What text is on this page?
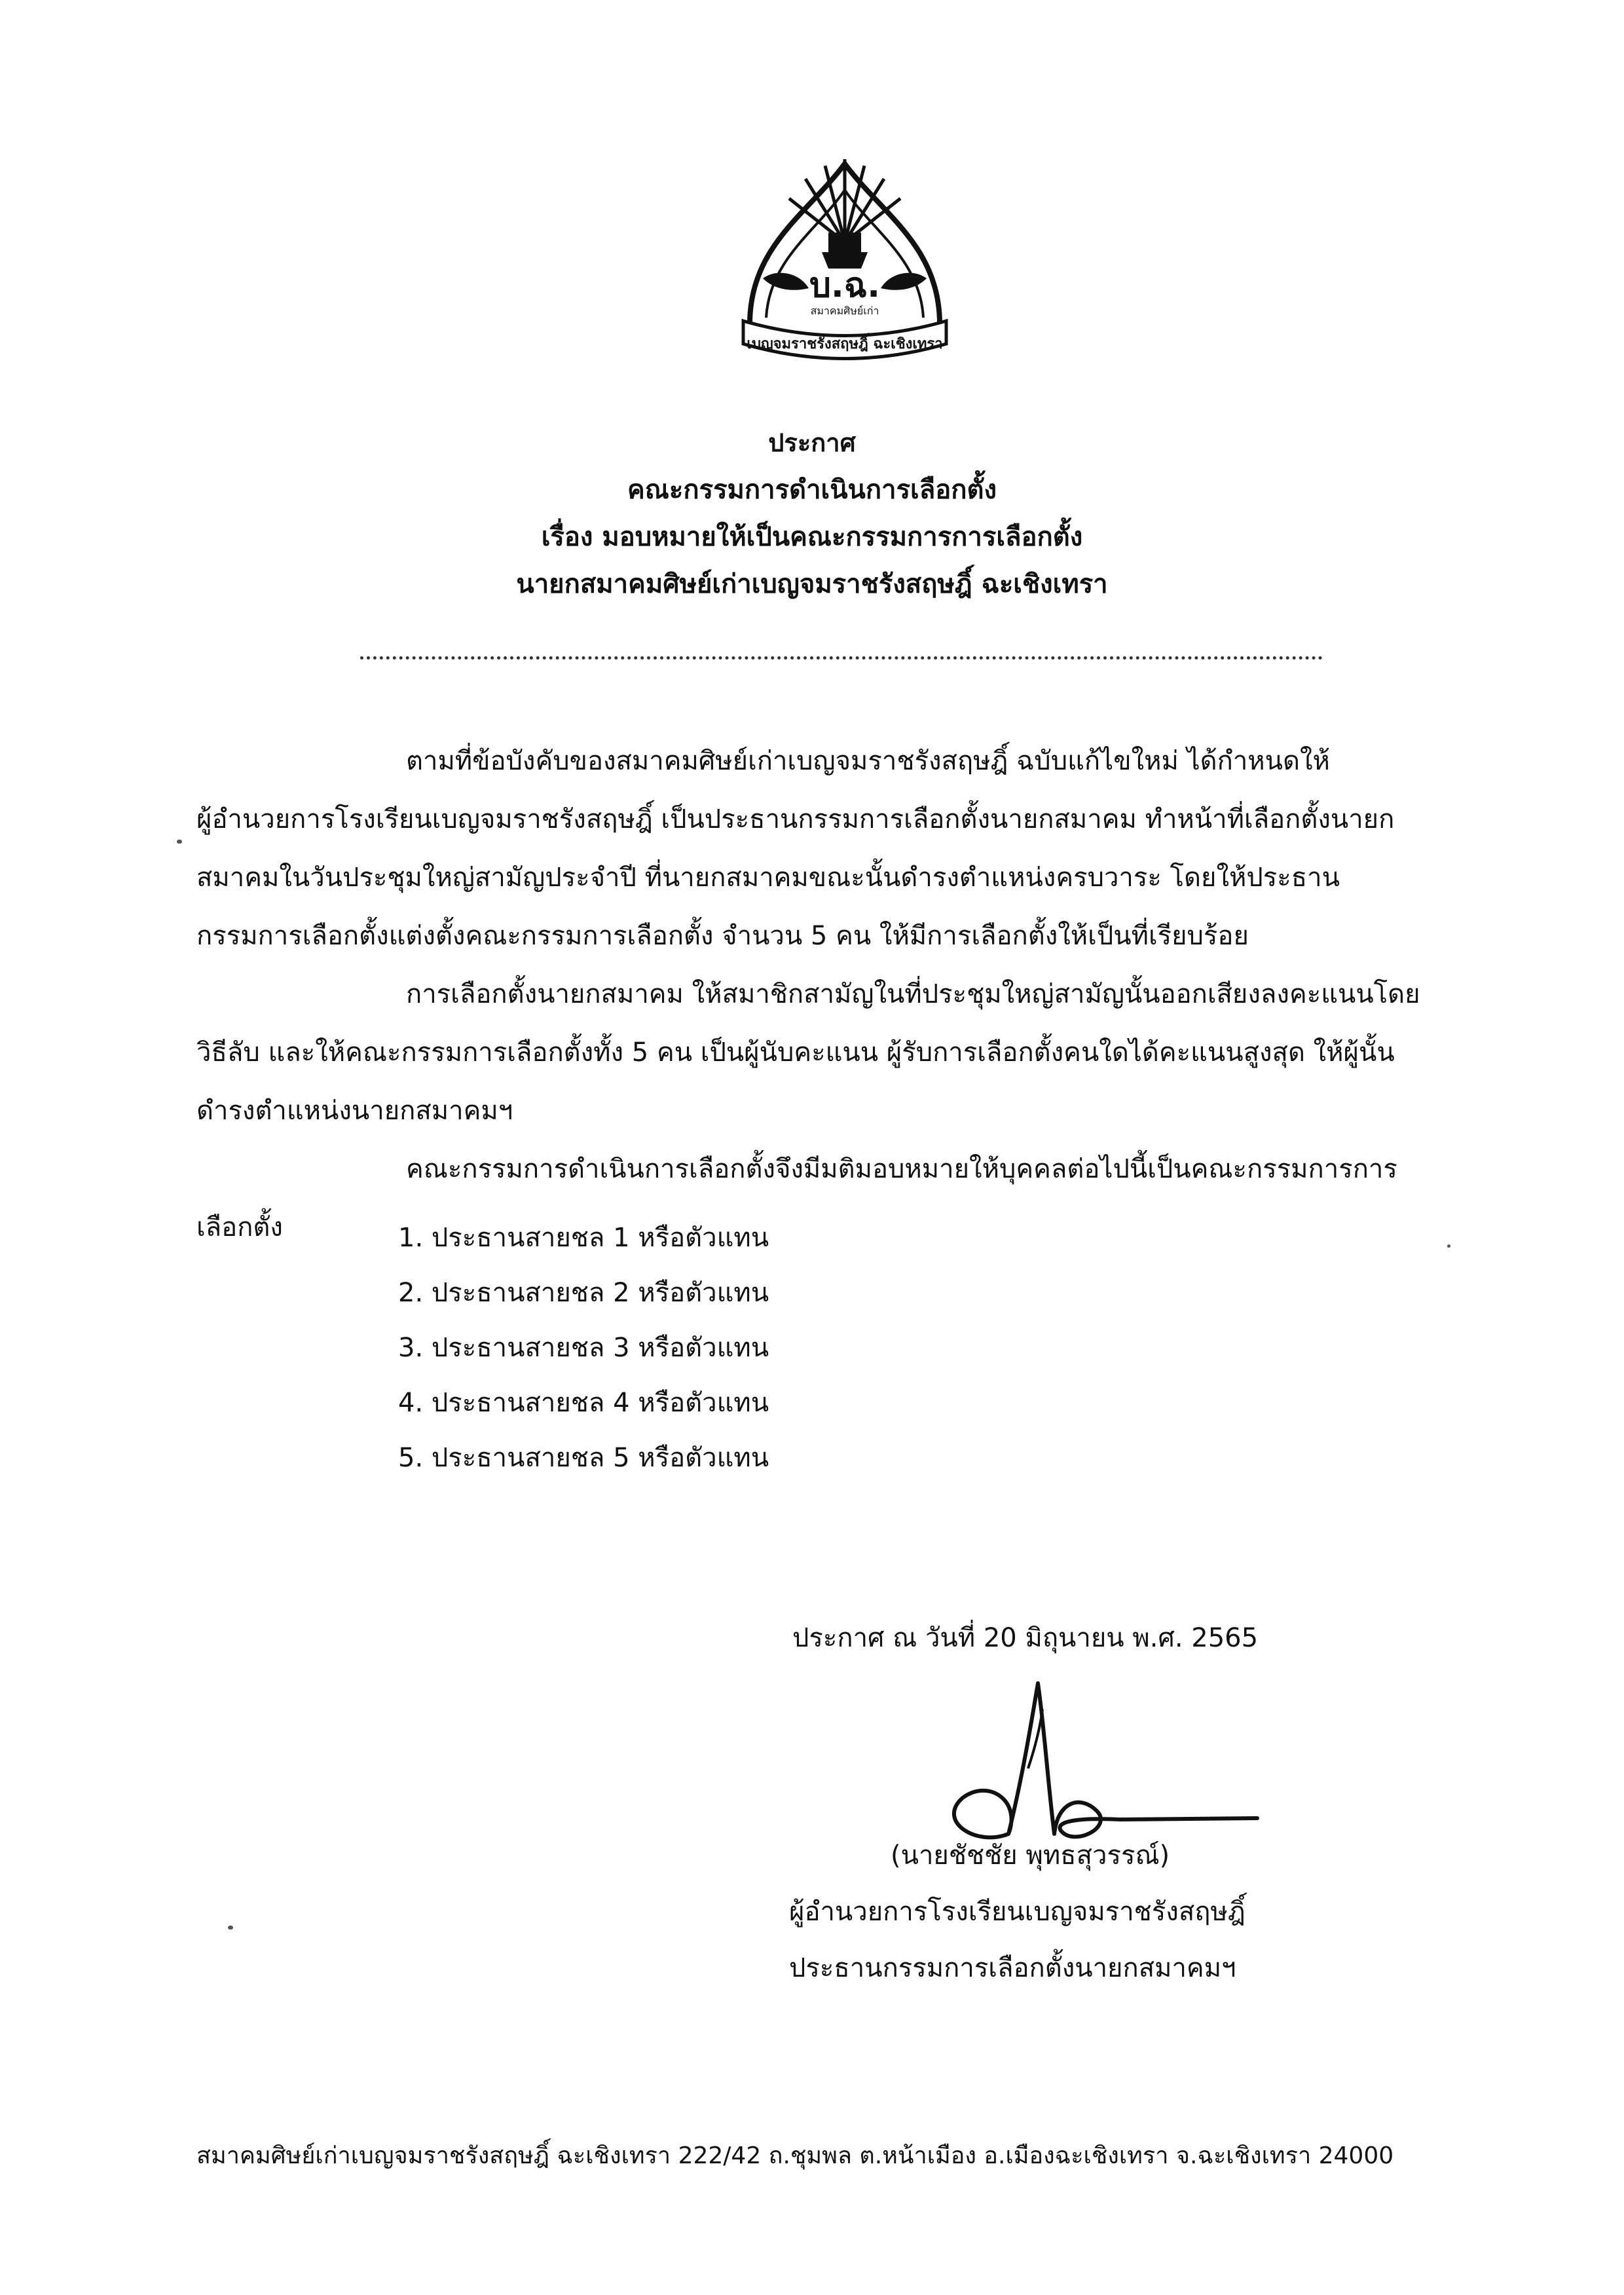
บ.ฉ.
สมาคมศิษย์เก่า
เบญจมราชรังสฤษฎิ์ ฉะเชิงเทรา
ประกาศ
คณะกรรมการดำเนินการเลือกตั้ง
เรื่อง มอบหมายให้เป็นคณะกรรมการการเลือกตั้ง
นายกสมาคมศิษย์เก่าเบญจมราชรังสฤษฎิ์ ฉะเชิงเทรา
ตามที่ข้อบังคับของสมาคมศิษย์เก่าเบญจมราชรังสฤษฎิ์ ฉบับแก้ไขใหม่ ได้กำหนดให้
ผู้อำนวยการโรงเรียนเบญจมราชรังสฤษฎิ์ เป็นประธานกรรมการเลือกตั้งนายกสมาคม ทำหน้าที่เลือกตั้งนายก
สมาคมในวันประชุมใหญ่สามัญประจำปี ที่นายกสมาคมขณะนั้นดำรงตำแหน่งครบวาระ โดยให้ประธาน
กรรมการเลือกตั้งแต่งตั้งคณะกรรมการเลือกตั้ง จำนวน 5 คน ให้มีการเลือกตั้งให้เป็นที่เรียบร้อย
การเลือกตั้งนายกสมาคม ให้สมาชิกสามัญในที่ประชุมใหญ่สามัญนั้นออกเสียงลงคะแนนโดย
วิธีลับ และให้คณะกรรมการเลือกตั้งทั้ง 5 คน เป็นผู้นับคะแนน ผู้รับการเลือกตั้งคนใดได้คะแนนสูงสุด ให้ผู้นั้น
ดำรงตำแหน่งนายกสมาคมฯ
คณะกรรมการดำเนินการเลือกตั้งจึงมีมติมอบหมายให้บุคคลต่อไปนี้เป็นคณะกรรมการการ
เลือกตั้ง	1. ประธานสายชล 1 หรือตัวแทน
2. ประธานสายชล 2 หรือตัวแทน
3. ประธานสายชล 3 หรือตัวแทน
4. ประธานสายชล 4 หรือตัวแทน
5. ประธานสายชล 5 หรือตัวแทน
ประกาศ ณ วันที่ 20 มิถุนายน พ.ศ. 2565
(นายชัชชัย พุทธสุวรรณ์)
ผู้อำนวยการโรงเรียนเบญจมราชรังสฤษฎิ์
ประธานกรรมการเลือกตั้งนายกสมาคมฯ
สมาคมศิษย์เก่าเบญจมราชรังสฤษฎิ์ ฉะเชิงเทรา 222/42 ถ.ชุมพล ต.หน้าเมือง อ.เมืองฉะเชิงเทรา จ.ฉะเชิงเทรา 24000
